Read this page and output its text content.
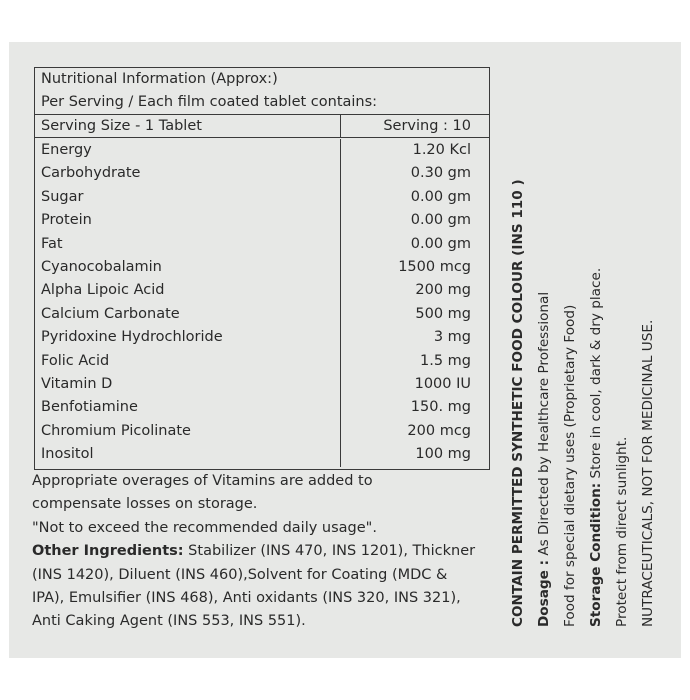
Nutritional Information (Approx:)
Per Serving / Each film coated tablet contains:
Serving Size - 1 Tablet	Serving : 10
Energy	1.20 Kcl
Carbohydrate	0.30 gm
Sugar	0.00 gm
Protein	0.00 gm
Fat	0.00 gm
Cyanocobalamin	1500 mcg
Alpha Lipoic Acid	200 mg
Calcium Carbonate	500 mg
Pyridoxine Hydrochloride	3 mg
Folic Acid	1.5 mg
Vitamin D	1000 IU
Benfotiamine	150. mg
Chromium Picolinate	200 mcg
Inositol	100 mg

Appropriate overages of Vitamins are added to

compensate losses on storage.

"Not to exceed the recommended daily usage".

Other Ingredients: Stabilizer (INS 470, INS 1201), Thickner

(INS 1420), Diluent (INS 460),Solvent for Coating (MDC &

IPA), Emulsifier (INS 468), Anti oxidants (INS 320, INS 321),

Anti Caking Agent (INS 553, INS 551).	CONTAIN PERMITTED SYNTHETIC FOOD COLOUR (INS 110 ) Dosage : As Directed by Healthcare Professional Food for special dietary uses (Proprietary Food) Storage Condition: Store in cool, dark & dry place.
Protect from direct sunlight. NUTRACEUTICALS, NOT FOR MEDICINAL USE.
